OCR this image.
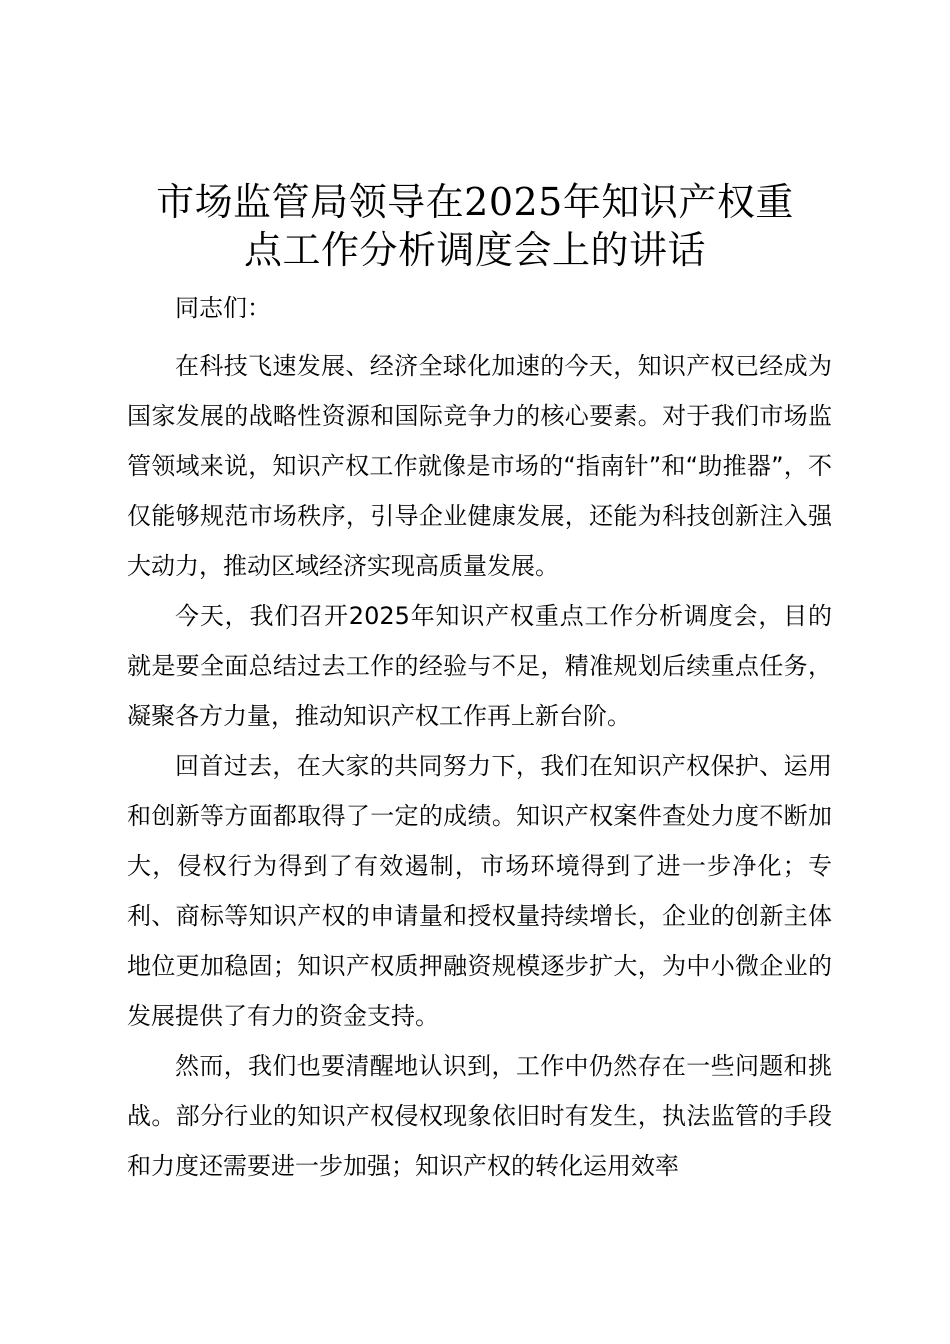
市场监管局领导在2025年知识产权重
点工作分析调度会上的讲话

同志们：

在科技飞速发展、经济全球化加速的今天，知识产权已经成为国家发展的战略性资源和国际竞争力的核心要素。对于我们市场监管领域来说，知识产权工作就像是市场的“指南针”和“助推器”，不仅能够规范市场秩序，引导企业健康发展，还能为科技创新注入强大动力，推动区域经济实现高质量发展。

今天，我们召开2025年知识产权重点工作分析调度会，目的就是要全面总结过去工作的经验与不足，精准规划后续重点任务，凝聚各方力量，推动知识产权工作再上新台阶。

回首过去，在大家的共同努力下，我们在知识产权保护、运用和创新等方面都取得了一定的成绩。知识产权案件查处力度不断加大，侵权行为得到了有效遏制，市场环境得到了进一步净化；专利、商标等知识产权的申请量和授权量持续增长，企业的创新主体地位更加稳固；知识产权质押融资规模逐步扩大，为中小微企业的发展提供了有力的资金支持。

然而，我们也要清醒地认识到，工作中仍然存在一些问题和挑战。部分行业的知识产权侵权现象依旧时有发生，执法监管的手段和力度还需要进一步加强；知识产权的转化运用效率
